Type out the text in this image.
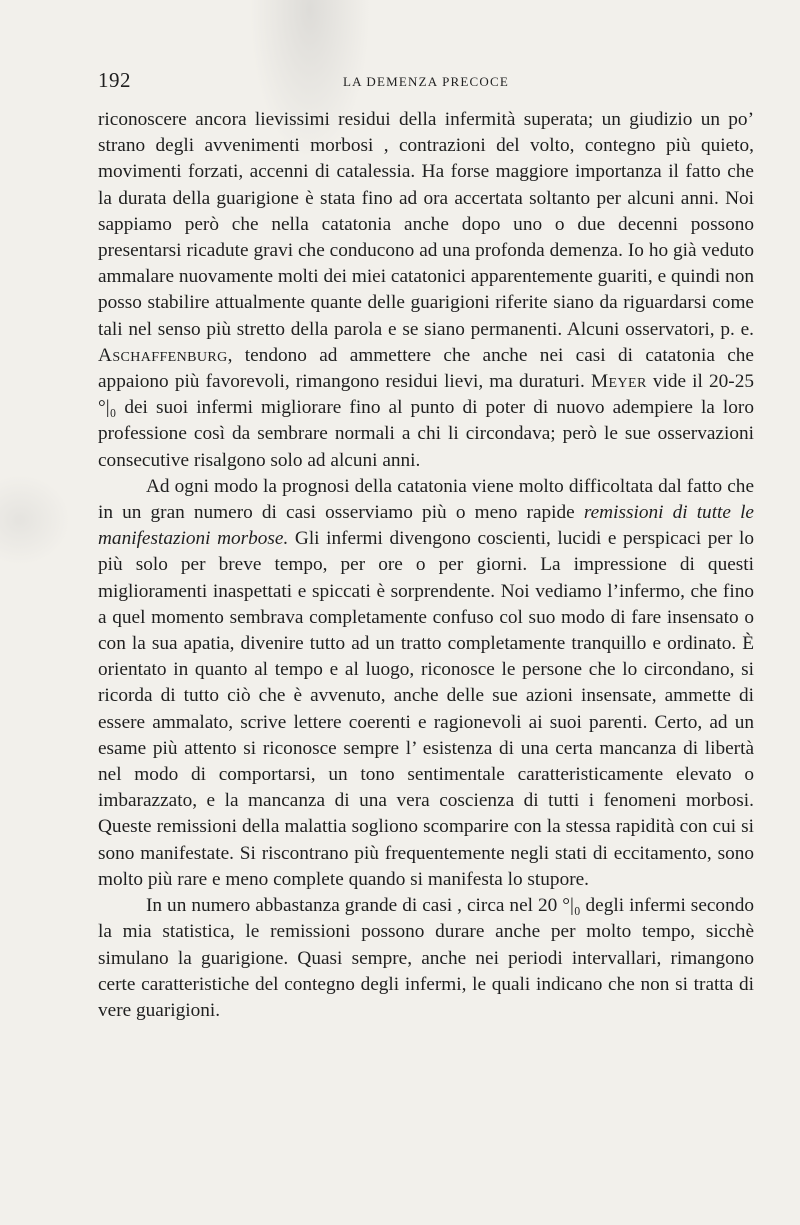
192	LA DEMENZA PRECOCE

riconoscere ancora lievissimi residui della infermità superata; un giudizio un po’ strano degli avvenimenti morbosi , contrazioni del volto, contegno più quieto, movimenti forzati, accenni di catalessia. Ha forse maggiore importanza il fatto che la durata della guarigione è stata fino ad ora accertata soltanto per alcuni anni. Noi sappiamo però che nella catatonia anche dopo uno o due decenni possono presentarsi ricadute gravi che conducono ad una profonda demenza. Io ho già veduto ammalare nuovamente molti dei miei catatonici apparentemente guariti, e quindi non posso stabilire attualmente quante delle guarigioni riferite siano da riguardarsi come tali nel senso più stretto della parola e se siano permanenti. Alcuni osservatori, p. e. Aschaffenburg, tendono ad ammettere che anche nei casi di catatonia che appaiono più favorevoli, rimangono residui lievi, ma duraturi. Meyer vide il 20-25 °|₀ dei suoi infermi migliorare fino al punto di poter di nuovo adempiere la loro professione così da sembrare normali a chi li circondava; però le sue osservazioni consecutive risalgono solo ad alcuni anni.

Ad ogni modo la prognosi della catatonia viene molto difficoltata dal fatto che in un gran numero di casi osserviamo più o meno rapide remissioni di tutte le manifestazioni morbose. Gli infermi divengono coscienti, lucidi e perspicaci per lo più solo per breve tempo, per ore o per giorni. La impressione di questi miglioramenti inaspettati e spiccati è sorprendente. Noi vediamo l’infermo, che fino a quel momento sembrava completamente confuso col suo modo di fare insensato o con la sua apatia, divenire tutto ad un tratto completamente tranquillo e ordinato. È orientato in quanto al tempo e al luogo, riconosce le persone che lo circondano, si ricorda di tutto ciò che è avvenuto, anche delle sue azioni insensate, ammette di essere ammalato, scrive lettere coerenti e ragionevoli ai suoi parenti. Certo, ad un esame più attento si riconosce sempre l’ esistenza di una certa mancanza di libertà nel modo di comportarsi, un tono sentimentale caratteristicamente elevato o imbarazzato, e la mancanza di una vera coscienza di tutti i fenomeni morbosi. Queste remissioni della malattia sogliono scomparire con la stessa rapidità con cui si sono manifestate. Si riscontrano più frequentemente negli stati di eccitamento, sono molto più rare e meno complete quando si manifesta lo stupore.

In un numero abbastanza grande di casi , circa nel 20 °|₀ degli infermi secondo la mia statistica, le remissioni possono durare anche per molto tempo, sicchè simulano la guarigione. Quasi sempre, anche nei periodi intervallari, rimangono certe caratteristiche del contegno degli infermi, le quali indicano che non si tratta di vere guarigioni.
